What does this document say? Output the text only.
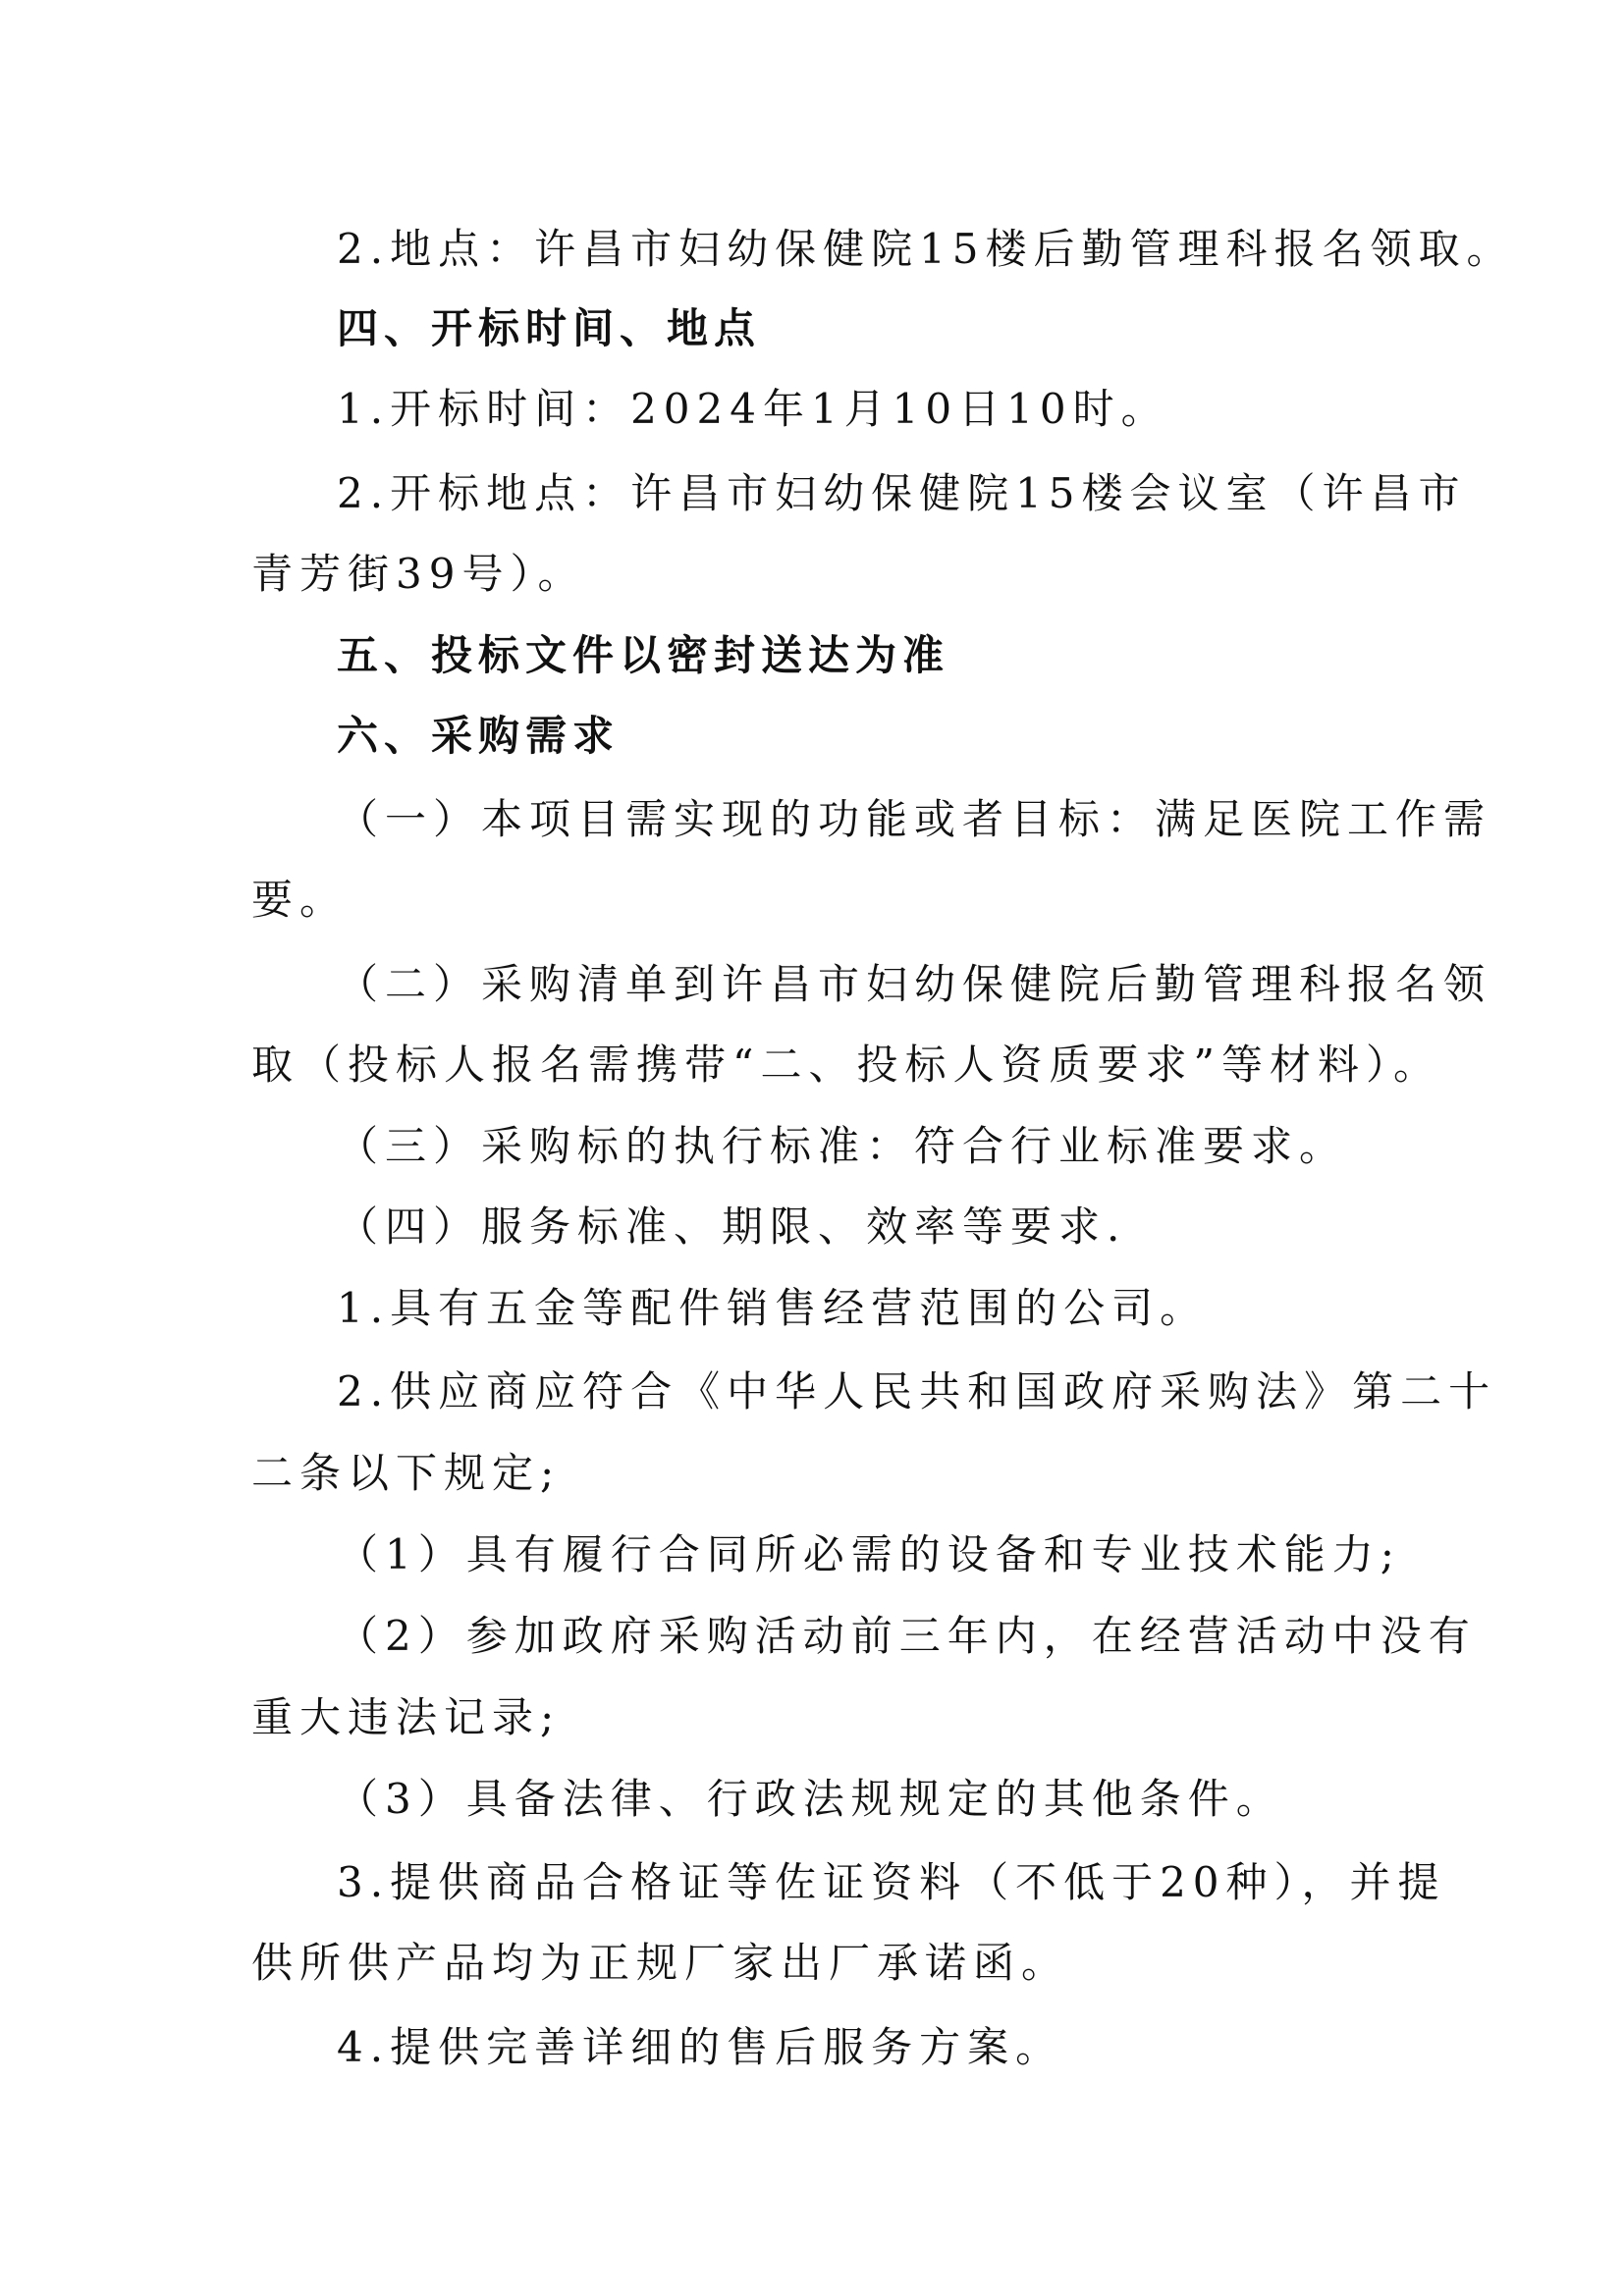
2.地点：许昌市妇幼保健院15楼后勤管理科报名领取。
四、开标时间、地点
1.开标时间：2024年1月10日10时。
2.开标地点：许昌市妇幼保健院15楼会议室（许昌市
青芳街39号）。
五、投标文件以密封送达为准
六、采购需求
（一）本项目需实现的功能或者目标：满足医院工作需
要。
（二）采购清单到许昌市妇幼保健院后勤管理科报名领
取（投标人报名需携带“二、投标人资质要求”等材料）。
（三）采购标的执行标准：符合行业标准要求。
（四）服务标准、期限、效率等要求.
1.具有五金等配件销售经营范围的公司。
2.供应商应符合《中华人民共和国政府采购法》第二十
二条以下规定;
（1）具有履行合同所必需的设备和专业技术能力;
（2）参加政府采购活动前三年内，在经营活动中没有
重大违法记录;
（3）具备法律、行政法规规定的其他条件。
3.提供商品合格证等佐证资料（不低于20种），并提
供所供产品均为正规厂家出厂承诺函。
4.提供完善详细的售后服务方案。
